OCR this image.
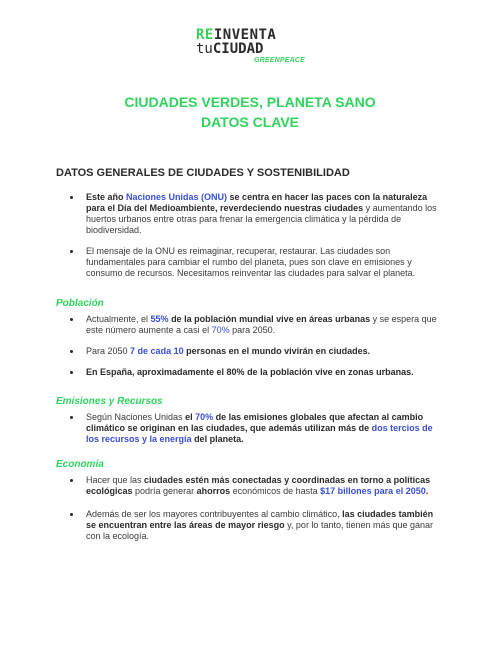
REINVENTA
tuCIUDAD
GREENPEACE
CIUDADES VERDES, PLANETA SANO
DATOS CLAVE
DATOS GENERALES DE CIUDADES Y SOSTENIBILIDAD
Este año Naciones Unidas (ONU) se centra en hacer las paces con la naturaleza para el Día del Medioambiente, reverdeciendo nuestras ciudades y aumentando los huertos urbanos entre otras para frenar la emergencia climática y la pérdida de biodiversidad.
El mensaje de la ONU es reimaginar, recuperar, restaurar. Las ciudades son fundamentales para cambiar el rumbo del planeta, pues son clave en emisiones y consumo de recursos. Necesitamos reinventar las ciudades para salvar el planeta.
Población
Actualmente, el 55% de la población mundial vive en áreas urbanas y se espera que este número aumente a casi el 70% para 2050.
Para 2050 7 de cada 10 personas en el mundo vivirán en ciudades.
En España, aproximadamente el 80% de la población vive en zonas urbanas.
Emisiones y Recursos
Según Naciones Unidas el 70% de las emisiones globales que afectan al cambio climático se originan en las ciudades, que además utilizan más de dos tercios de los recursos y la energía del planeta.
Economía
Hacer que las ciudades estén más conectadas y coordinadas en torno a políticas ecológicas podría generar ahorros económicos de hasta $17 billones para el 2050.
Además de ser los mayores contribuyentes al cambio climático, las ciudades también se encuentran entre las áreas de mayor riesgo y, por lo tanto, tienen más que ganar con la ecología.
